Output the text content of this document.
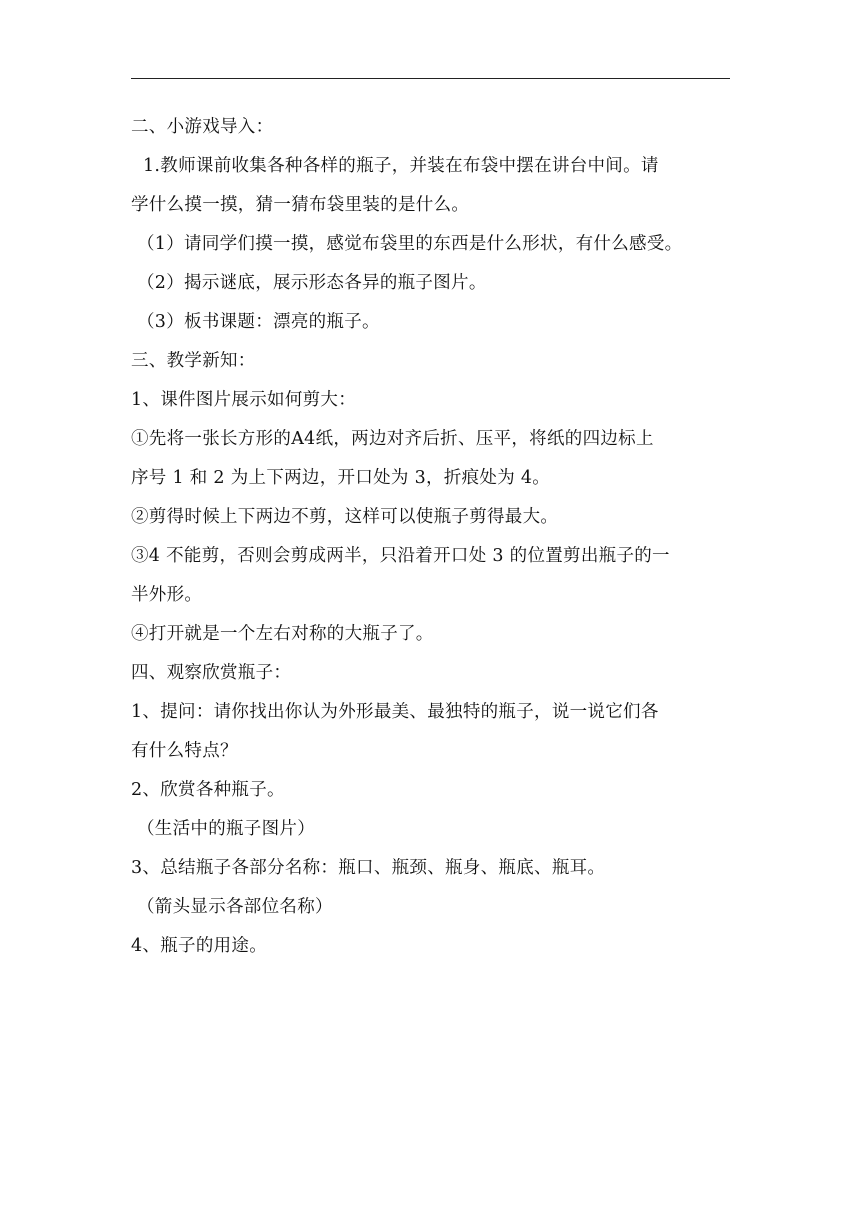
二、小游戏导入：
1.教师课前收集各种各样的瓶子，并装在布袋中摆在讲台中间。请
学什么摸一摸，猜一猜布袋里装的是什么。
（1）请同学们摸一摸，感觉布袋里的东西是什么形状，有什么感受。
（2）揭示谜底，展示形态各异的瓶子图片。
（3）板书课题：漂亮的瓶子。
三、教学新知：
1、课件图片展示如何剪大：
①先将一张长方形的A4纸，两边对齐后折、压平，将纸的四边标上
序号 1 和 2 为上下两边，开口处为 3，折痕处为 4。
②剪得时候上下两边不剪，这样可以使瓶子剪得最大。
③4 不能剪，否则会剪成两半，只沿着开口处 3 的位置剪出瓶子的一
半外形。
④打开就是一个左右对称的大瓶子了。
四、观察欣赏瓶子：
1、提问：请你找出你认为外形最美、最独特的瓶子，说一说它们各
有什么特点？
2、欣赏各种瓶子。
（生活中的瓶子图片）
3、总结瓶子各部分名称：瓶口、瓶颈、瓶身、瓶底、瓶耳。
（箭头显示各部位名称）
4、瓶子的用途。
